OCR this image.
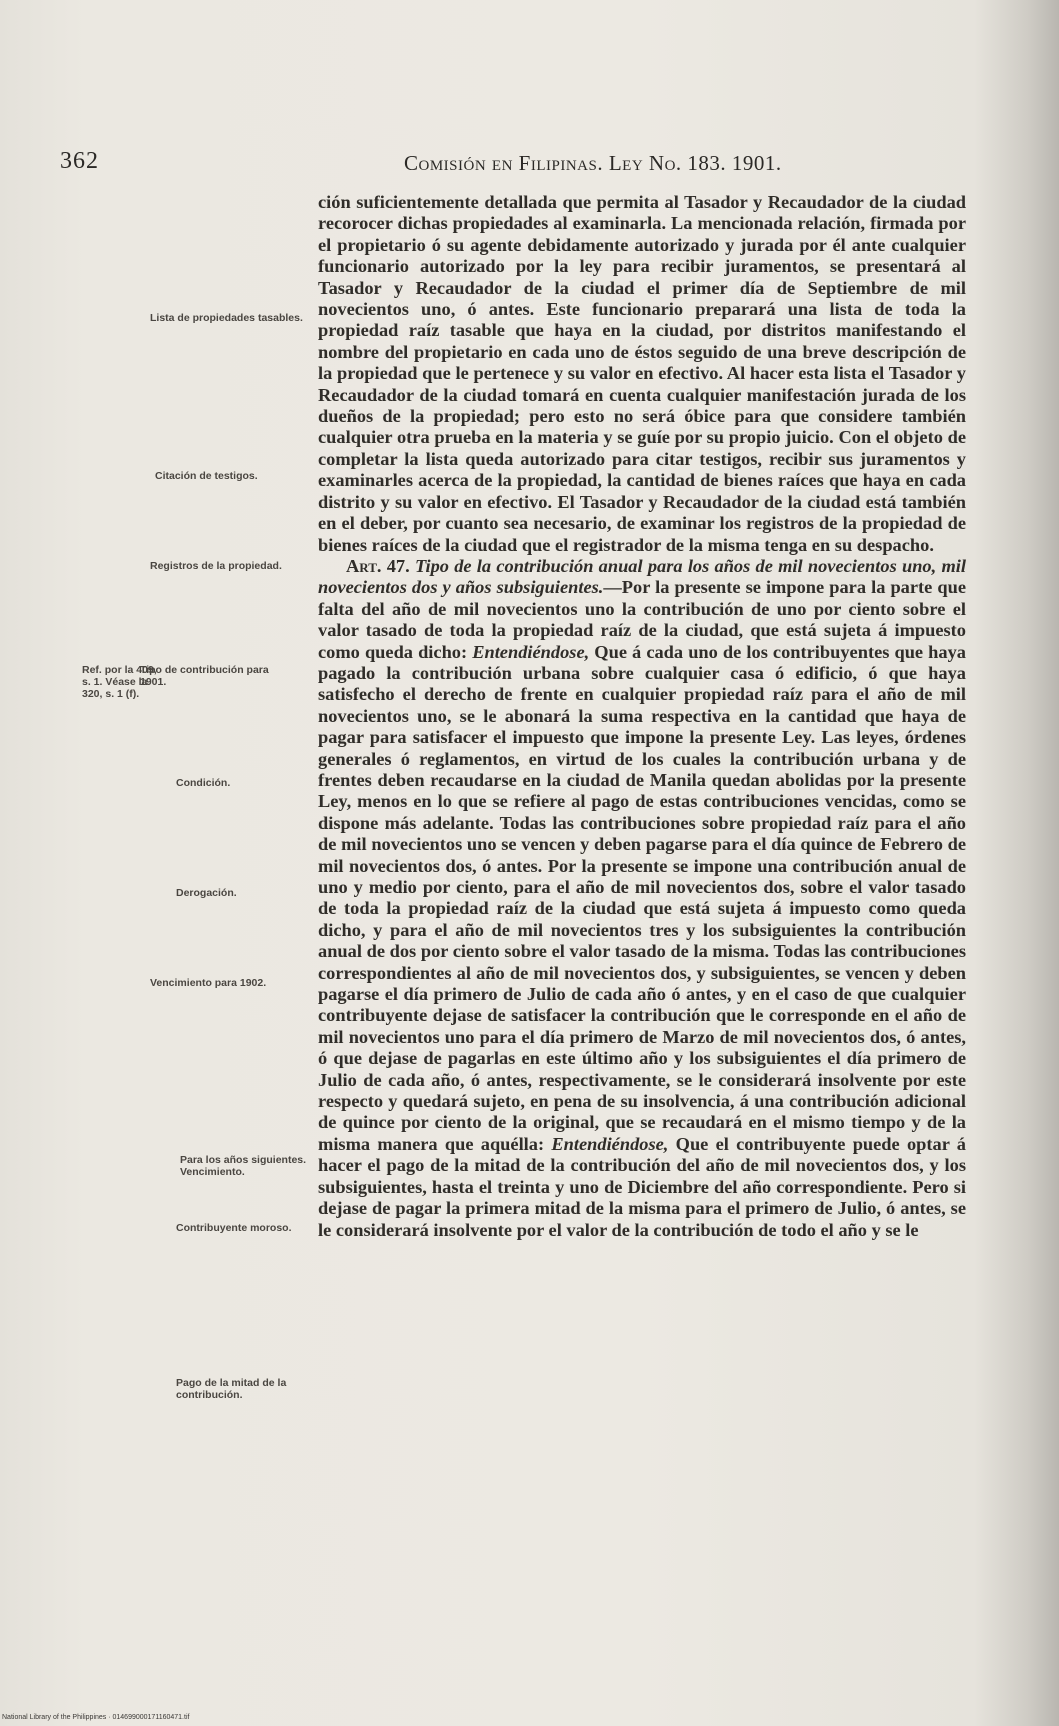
362	Comisión en Filipinas. Ley No. 183. 1901.

ción suficientemente detallada que permita al Tasador y Recaudador de la ciudad recorocer dichas propiedades al examinarla. La mencionada relación, firmada por el propietario ó su agente debidamente autorizado y jurada por él ante cualquier funcionario autorizado por la ley para recibir juramentos, se presentará al Tasador y Recaudador de la ciudad el primer día de Septiembre de mil novecientos uno, ó antes. Este funcionario preparará una lista de toda la propiedad raíz tasable que haya en la ciudad, por distritos manifestando el nombre del propietario en cada uno de éstos seguido de una breve descripción de la propiedad que le pertenece y su valor en efectivo. Al hacer esta lista el Tasador y Recaudador de la ciudad tomará en cuenta cualquier manifestación jurada de los dueños de la propiedad; pero esto no será óbice para que considere también cualquier otra prueba en la materia y se guíe por su propio juicio. Con el objeto de completar la lista queda autorizado para citar testigos, recibir sus juramentos y examinarles acerca de la propiedad, la cantidad de bienes raíces que haya en cada distrito y su valor en efectivo. El Tasador y Recaudador de la ciudad está también en el deber, por cuanto sea necesario, de examinar los registros de la propiedad de bienes raíces de la ciudad que el registrador de la misma tenga en su despacho.

Art. 47. Tipo de la contribución anual para los años de mil novecientos uno, mil novecientos dos y años subsiguientes.—Por la presente se impone para la parte que falta del año de mil novecientos uno la contribución de uno por ciento sobre el valor tasado de toda la propiedad raíz de la ciudad, que está sujeta á impuesto como queda dicho: Entendiéndose, Que á cada uno de los contribuyentes que haya pagado la contribución urbana sobre cualquier casa ó edificio, ó que haya satisfecho el derecho de frente en cualquier propiedad raíz para el año de mil novecientos uno, se le abonará la suma respectiva en la cantidad que haya de pagar para satisfacer el impuesto que impone la presente Ley. Las leyes, órdenes generales ó reglamentos, en virtud de los cuales la contribución urbana y de frentes deben recaudarse en la ciudad de Manila quedan abolidas por la presente Ley, menos en lo que se refiere al pago de estas contribuciones vencidas, como se dispone más adelante. Todas las contribuciones sobre propiedad raíz para el año de mil novecientos uno se vencen y deben pagarse para el día quince de Febrero de mil novecientos dos, ó antes. Por la presente se impone una contribución anual de uno y medio por ciento, para el año de mil novecientos dos, sobre el valor tasado de toda la propiedad raíz de la ciudad que está sujeta á impuesto como queda dicho, y para el año de mil novecientos tres y los subsiguientes la contribución anual de dos por ciento sobre el valor tasado de la misma. Todas las contribuciones correspondientes al año de mil novecientos dos, y subsiguientes, se vencen y deben pagarse el día primero de Julio de cada año ó antes, y en el caso de que cualquier contribuyente dejase de satisfacer la contribución que le corresponde en el año de mil novecientos uno para el día primero de Marzo de mil novecientos dos, ó antes, ó que dejase de pagarlas en este último año y los subsiguientes el día primero de Julio de cada año, ó antes, respectivamente, se le considerará insolvente por este respecto y quedará sujeto, en pena de su insolvencia, á una contribución adicional de quince por ciento de la original, que se recaudará en el mismo tiempo y de la misma manera que aquélla: Entendiéndose, Que el contribuyente puede optar á hacer el pago de la mitad de la contribución del año de mil novecientos dos, y los subsiguientes, hasta el treinta y uno de Diciembre del año correspondiente. Pero si dejase de pagar la primera mitad de la misma para el primero de Julio, ó antes, se le considerará insolvente por el valor de la contribución de todo el año y se le

Lista de propiedades tasables.
Citación de testigos.
Registros de la propiedad.
Tipo de contribución para 1901.
Ref. por la 409, s. 1. Véase la 320, s. 1 (f).
Condición.
Derogación.
Vencimiento para 1902.
Para los años siguientes. Vencimiento.
Contribuyente moroso.
Pago de la mitad de la contribución.
National Library of the Philippines · 014699000171160471.tif
